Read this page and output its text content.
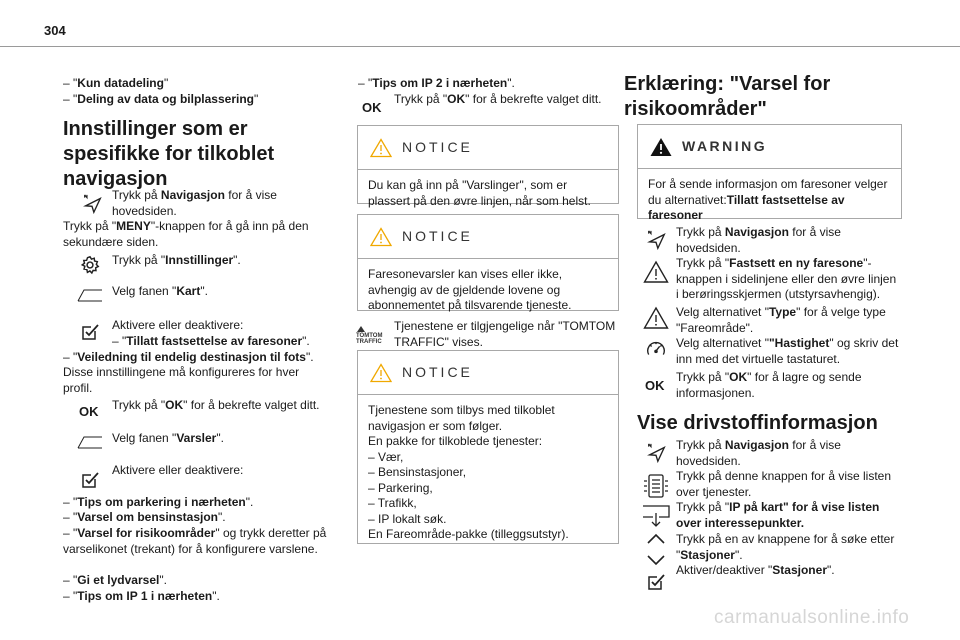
304
– "Kun datadeling"
– "Deling av data og bilplassering"
Innstillinger som er spesifikke for tilkoblet navigasjon
Trykk på Navigasjon for å vise hovedsiden.
Trykk på "MENY"-knappen for å gå inn på den sekundære siden.
Trykk på "Innstillinger".
Velg fanen "Kart".
Aktivere eller deaktivere:
– "Tillatt fastsettelse av faresoner".
– "Veiledning til endelig destinasjon til fots".
Disse innstillingene må konfigureres for hver profil.
OK Trykk på "OK" for å bekrefte valget ditt.
Velg fanen "Varsler".
Aktivere eller deaktivere:
– "Tips om parkering i nærheten".
– "Varsel om bensinstasjon".
– "Varsel for risikoområder" og trykk deretter på varselikonet (trekant) for å konfigurere varslene.
– "Gi et lydvarsel".
– "Tips om IP 1 i nærheten".
– "Tips om IP 2 i nærheten".
OK
Trykk på "OK" for å bekrefte valget ditt.
NOTICE
Du kan gå inn på "Varslinger", som er plassert på den øvre linjen, når som helst.
NOTICE
Faresonevarsler kan vises eller ikke, avhengig av de gjeldende lovene og abonnementet på tilsvarende tjeneste.
TOMTOM TRAFFIC
Tjenestene er tilgjengelige når "TOMTOM TRAFFIC" vises.
NOTICE
Tjenestene som tilbys med tilkoblet navigasjon er som følger.
En pakke for tilkoblede tjenester:
– Vær,
– Bensinstasjoner,
– Parkering,
– Trafikk,
– IP lokalt søk.
En Fareområde-pakke (tilleggsutstyr).
Erklæring: "Varsel for risikoområder"
WARNING
For å sende informasjon om faresoner velger du alternativet:Tillatt fastsettelse av faresoner
Trykk på Navigasjon for å vise hovedsiden.
Trykk på "Fastsett en ny faresone"-knappen i sidelinjene eller den øvre linjen i berøringsskjermen (utstyrsavhengig).
Velg alternativet "Type" for å velge type "Fareområde".
Velg alternativet ""Hastighet" og skriv det inn med det virtuelle tastaturet.
OK
Trykk på "OK" for å lagre og sende informasjonen.
Vise drivstoffinformasjon
Trykk på Navigasjon for å vise hovedsiden.
Trykk på denne knappen for å vise listen over tjenester.
Trykk på "IP på kart" for å vise listen over interessepunkter.
Trykk på en av knappene for å søke etter "Stasjoner".
Aktiver/deaktiver "Stasjoner".
carmanualsonline.info
